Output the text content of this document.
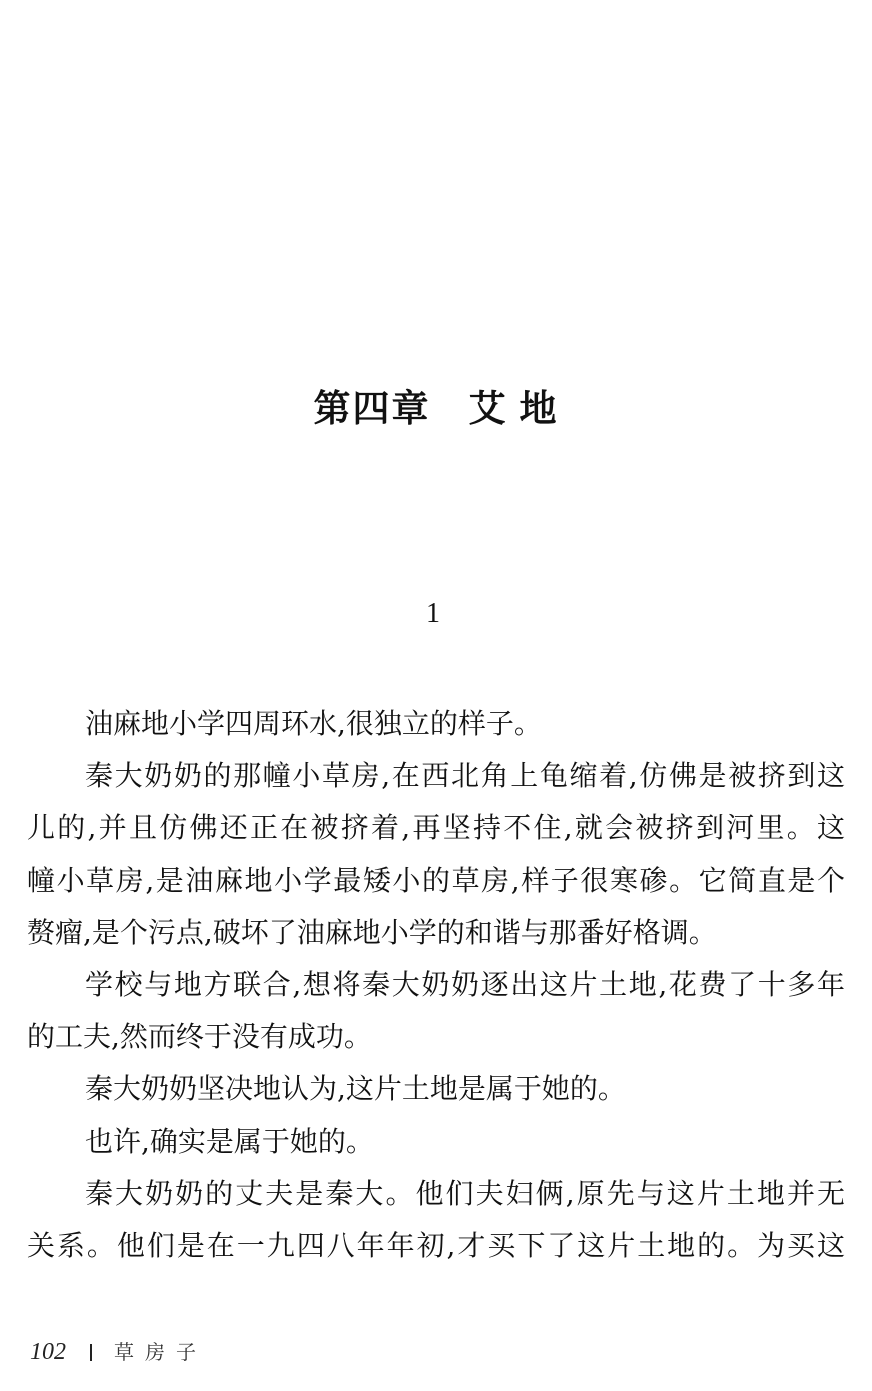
第四章 艾 地
1
油麻地小学四周环水,很独立的样子。
秦大奶奶的那幢小草房,在西北角上龟缩着,仿佛是被挤到这
儿的,并且仿佛还正在被挤着,再坚持不住,就会被挤到河里。这
幢小草房,是油麻地小学最矮小的草房,样子很寒碜。它简直是个
赘瘤,是个污点,破坏了油麻地小学的和谐与那番好格调。
学校与地方联合,想将秦大奶奶逐出这片土地,花费了十多年
的工夫,然而终于没有成功。
秦大奶奶坚决地认为,这片土地是属于她的。
也许,确实是属于她的。
秦大奶奶的丈夫是秦大。他们夫妇俩,原先与这片土地并无
关系。他们是在一九四八年年初,才买下了这片土地的。为买这
102 草房子
